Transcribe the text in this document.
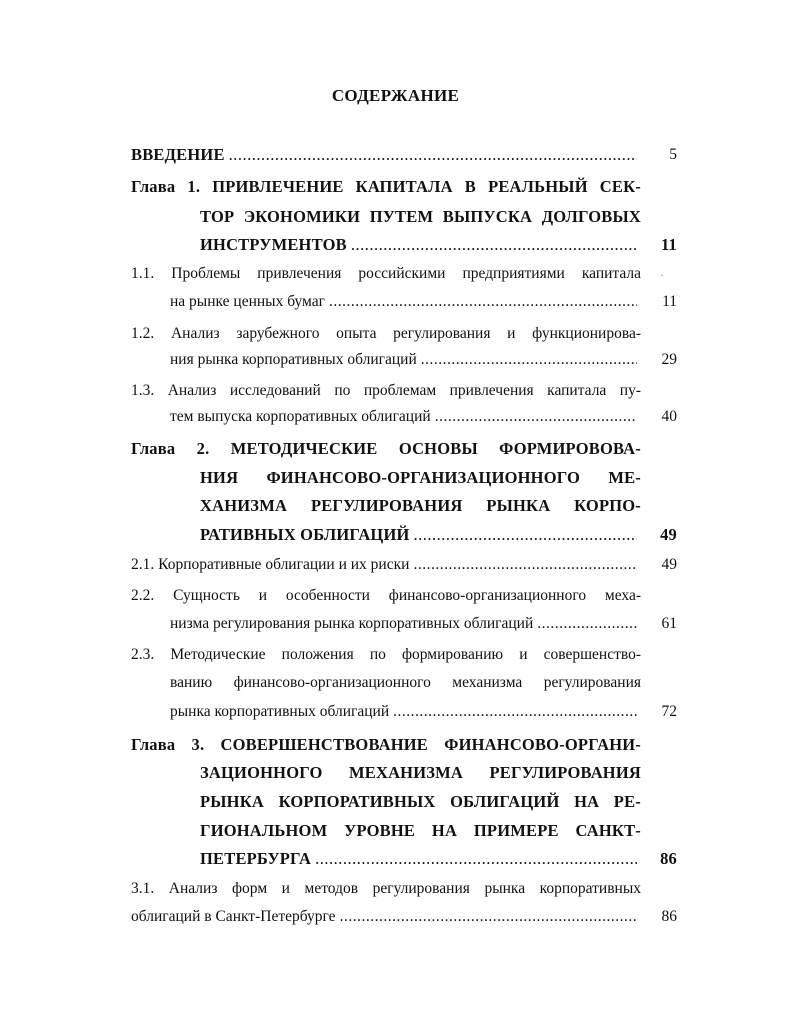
СОДЕРЖАНИЕ
ВВЕДЕНИЕ .....	5
Глава 1. ПРИВЛЕЧЕНИЕ КАПИТАЛА В РЕАЛЬНЫЙ СЕК-
ТОР ЭКОНОМИКИ ПУТЕМ ВЫПУСКА ДОЛГОВЫХ
ИНСТРУМЕНТОВ .....	11
·
1.1. Проблемы привлечения российскими предприятиями капитала
на рынке ценных бумаг .....	11
1.2. Анализ зарубежного опыта регулирования и функционирова-
ния рынка корпоративных облигаций .....	29
1.3. Анализ исследований по проблемам привлечения капитала пу-
тем выпуска корпоративных облигаций .....	40
Глава 2. МЕТОДИЧЕСКИЕ ОСНОВЫ ФОРМИРОВОВА-
НИЯ ФИНАНСОВО-ОРГАНИЗАЦИОННОГО МЕ-
ХАНИЗМА РЕГУЛИРОВАНИЯ РЫНКА КОРПО-
РАТИВНЫХ ОБЛИГАЦИЙ .....	49
2.1. Корпоративные облигации и их риски .....	49
2.2. Сущность и особенности финансово-организационного меха-
низма регулирования рынка корпоративных облигаций .....	61
2.3. Методические положения по формированию и совершенство-
ванию финансово-организационного механизма регулирования
рынка корпоративных облигаций .....	72
Глава 3. СОВЕРШЕНСТВОВАНИЕ ФИНАНСОВО-ОРГАНИ-
ЗАЦИОННОГО МЕХАНИЗМА РЕГУЛИРОВАНИЯ
РЫНКА КОРПОРАТИВНЫХ ОБЛИГАЦИЙ НА РЕ-
ГИОНАЛЬНОМ УРОВНЕ НА ПРИМЕРЕ САНКТ-
ПЕТЕРБУРГА .....	86
3.1. Анализ форм и методов регулирования рынка корпоративных
облигаций в Санкт-Петербурге .....	86
